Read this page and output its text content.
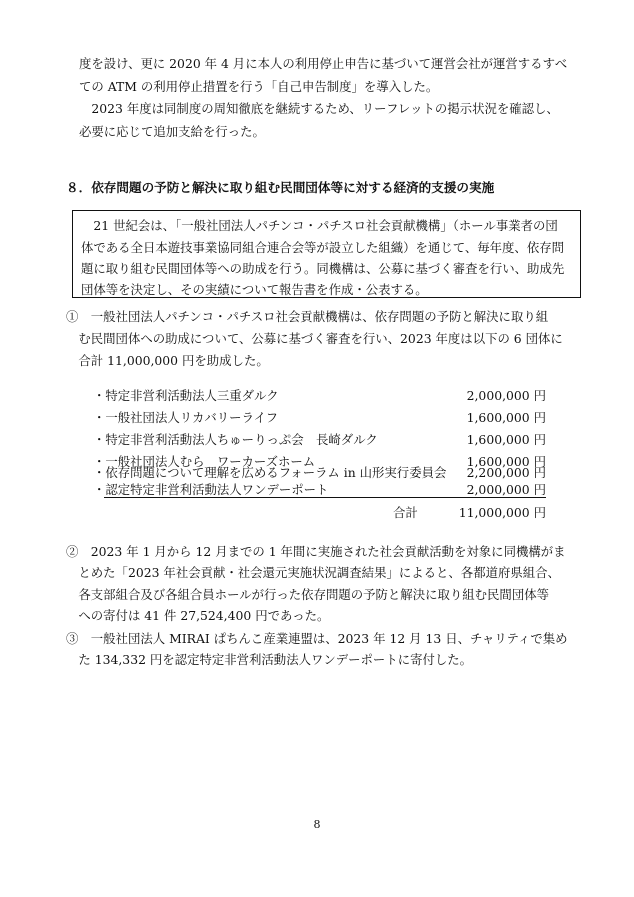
度を設け、更に 2020 年 4 月に本人の利用停止申告に基づいて運営会社が運営するすべ
ての ATM の利用停止措置を行う「自己申告制度」を導入した。
　2023 年度は同制度の周知徹底を継続するため、リーフレットの掲示状況を確認し、
必要に応じて追加支給を行った。
８．依存問題の予防と解決に取り組む民間団体等に対する経済的支援の実施
　21 世紀会は、「一般社団法人パチンコ・パチスロ社会貢献機構」（ホール事業者の団
体である全日本遊技事業協同組合連合会等が設立した組織）を通じて、毎年度、依存問
題に取り組む民間団体等への助成を行う。同機構は、公募に基づく審査を行い、助成先
団体等を決定し、その実績について報告書を作成・公表する。
①　一般社団法人パチンコ・パチスロ社会貢献機構は、依存問題の予防と解決に取り組
　む民間団体への助成について、公募に基づく審査を行い、2023 年度は以下の 6 団体に
　合計 11,000,000 円を助成した。
・特定非営利活動法人三重ダルク	2,000,000 円
・一般社団法人リカバリーライフ	1,600,000 円
・特定非営利活動法人ちゅーりっぷ会　長崎ダルク	1,600,000 円
・一般社団法人むら　ワーカーズホーム	1,600,000 円
・依存問題について理解を広めるフォーラム in 山形実行委員会 2,200,000 円
・認定特定非営利活動法人ワンデーポート	2,000,000 円
合計	11,000,000 円
②　2023 年 1 月から 12 月までの 1 年間に実施された社会貢献活動を対象に同機構がま
　とめた「2023 年社会貢献・社会還元実施状況調査結果」によると、各都道府県組合、
　各支部組合及び各組合員ホールが行った依存問題の予防と解決に取り組む民間団体等
　への寄付は 41 件 27,524,400 円であった。
③　一般社団法人 MIRAI ぱちんこ産業連盟は、2023 年 12 月 13 日、チャリティで集め
　た 134,332 円を認定特定非営利活動法人ワンデーポートに寄付した。
8
